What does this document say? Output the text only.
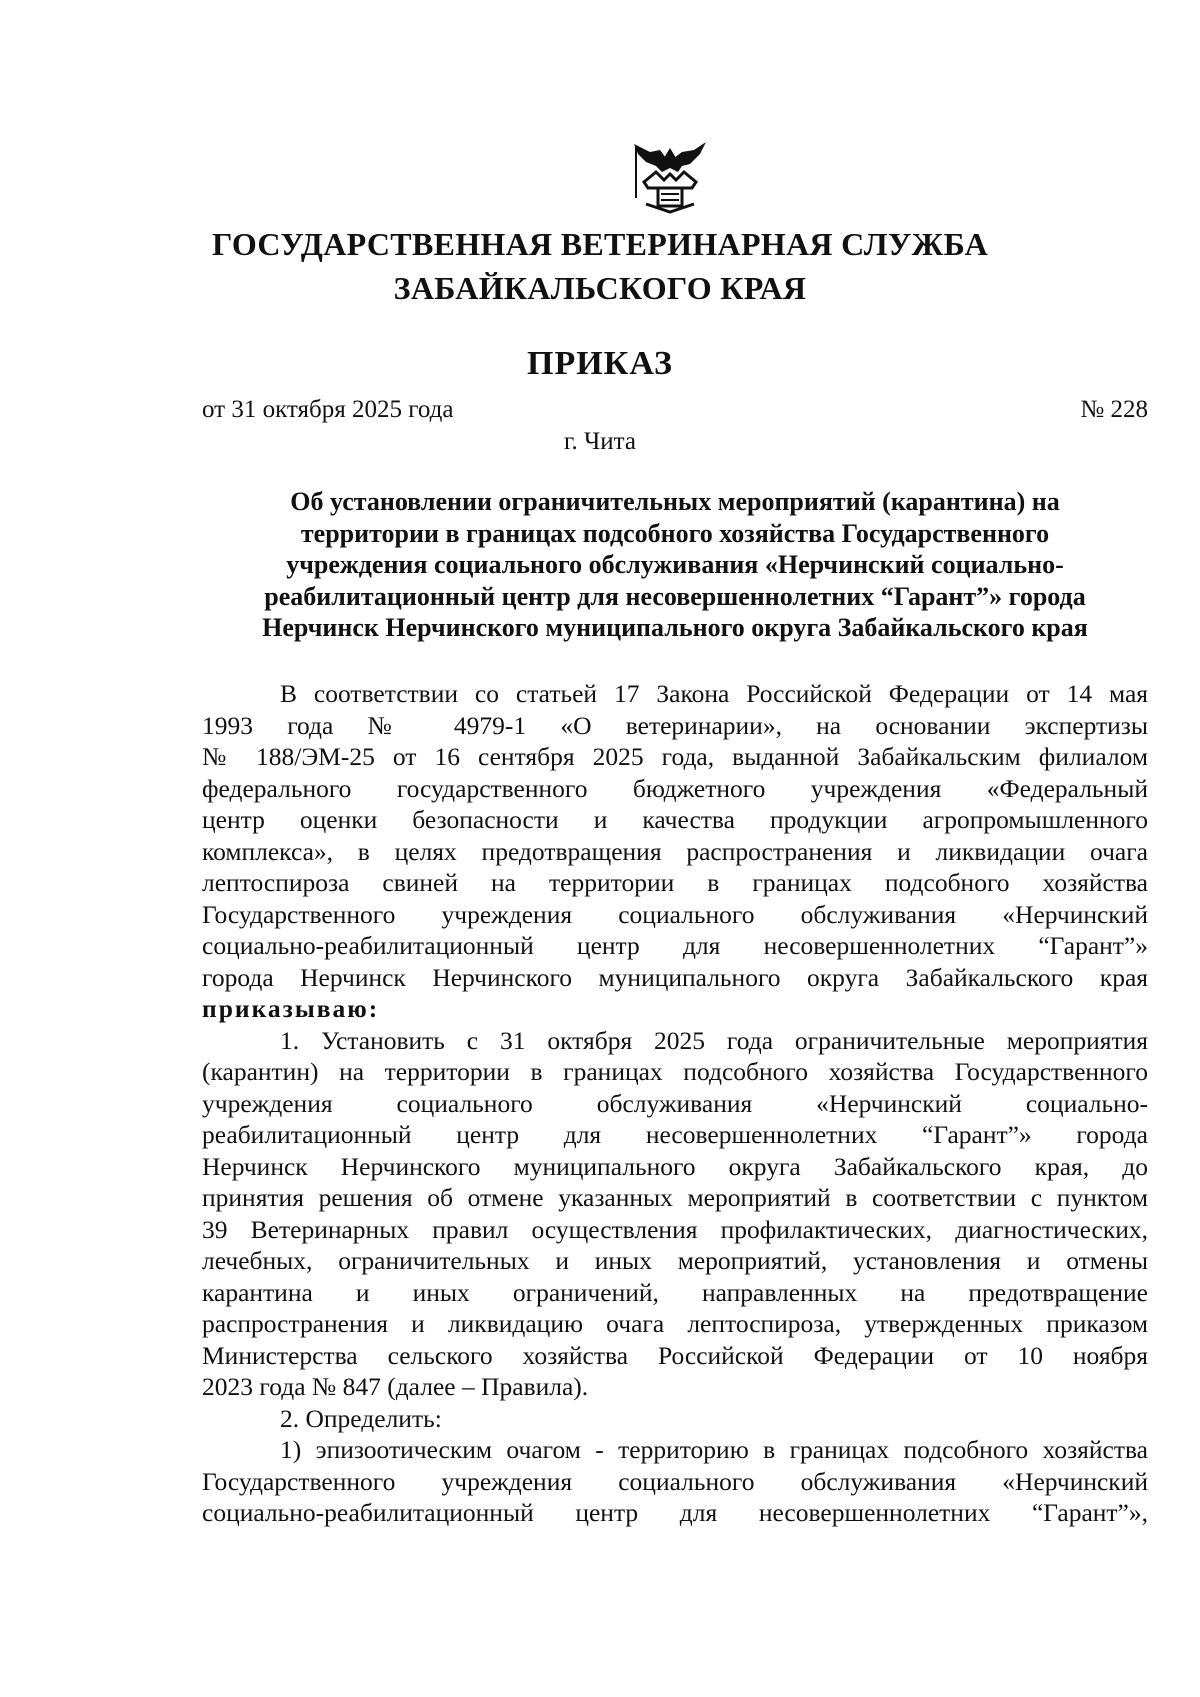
ГОСУДАРСТВЕННАЯ ВЕТЕРИНАРНАЯ СЛУЖБА
ЗАБАЙКАЛЬСКОГО КРАЯ
ПРИКАЗ
от 31 октября 2025 года	№ 228
г. Чита
Об установлении ограничительных мероприятий (карантина) на
территории в границах подсобного хозяйства Государственного
учреждения социального обслуживания «Нерчинский социально-
реабилитационный центр для несовершеннолетних “Гарант”» города
Нерчинск Нерчинского муниципального округа Забайкальского края
В соответствии со статьей 17 Закона Российской Федерации от 14 мая
1993 года № 4979-1 «О ветеринарии», на основании экспертизы
№ 188/ЭМ-25 от 16 сентября 2025 года, выданной Забайкальским филиалом
федерального государственного бюджетного учреждения «Федеральный
центр оценки безопасности и качества продукции агропромышленного
комплекса», в целях предотвращения распространения и ликвидации очага
лептоспироза свиней на территории в границах подсобного хозяйства
Государственного учреждения социального обслуживания «Нерчинский
социально-реабилитационный центр для несовершеннолетних “Гарант”»
города Нерчинск Нерчинского муниципального округа Забайкальского края
приказываю:
1. Установить с 31 октября 2025 года ограничительные мероприятия
(карантин) на территории в границах подсобного хозяйства Государственного
учреждения социального обслуживания «Нерчинский социально-
реабилитационный центр для несовершеннолетних “Гарант”» города
Нерчинск Нерчинского муниципального округа Забайкальского края, до
принятия решения об отмене указанных мероприятий в соответствии с пунктом
39 Ветеринарных правил осуществления профилактических, диагностических,
лечебных, ограничительных и иных мероприятий, установления и отмены
карантина и иных ограничений, направленных на предотвращение
распространения и ликвидацию очага лептоспироза, утвержденных приказом
Министерства сельского хозяйства Российской Федерации от 10 ноября
2023 года № 847 (далее – Правила).
2. Определить:
1) эпизоотическим очагом - территорию в границах подсобного хозяйства
Государственного учреждения социального обслуживания «Нерчинский
социально-реабилитационный центр для несовершеннолетних “Гарант”»,
